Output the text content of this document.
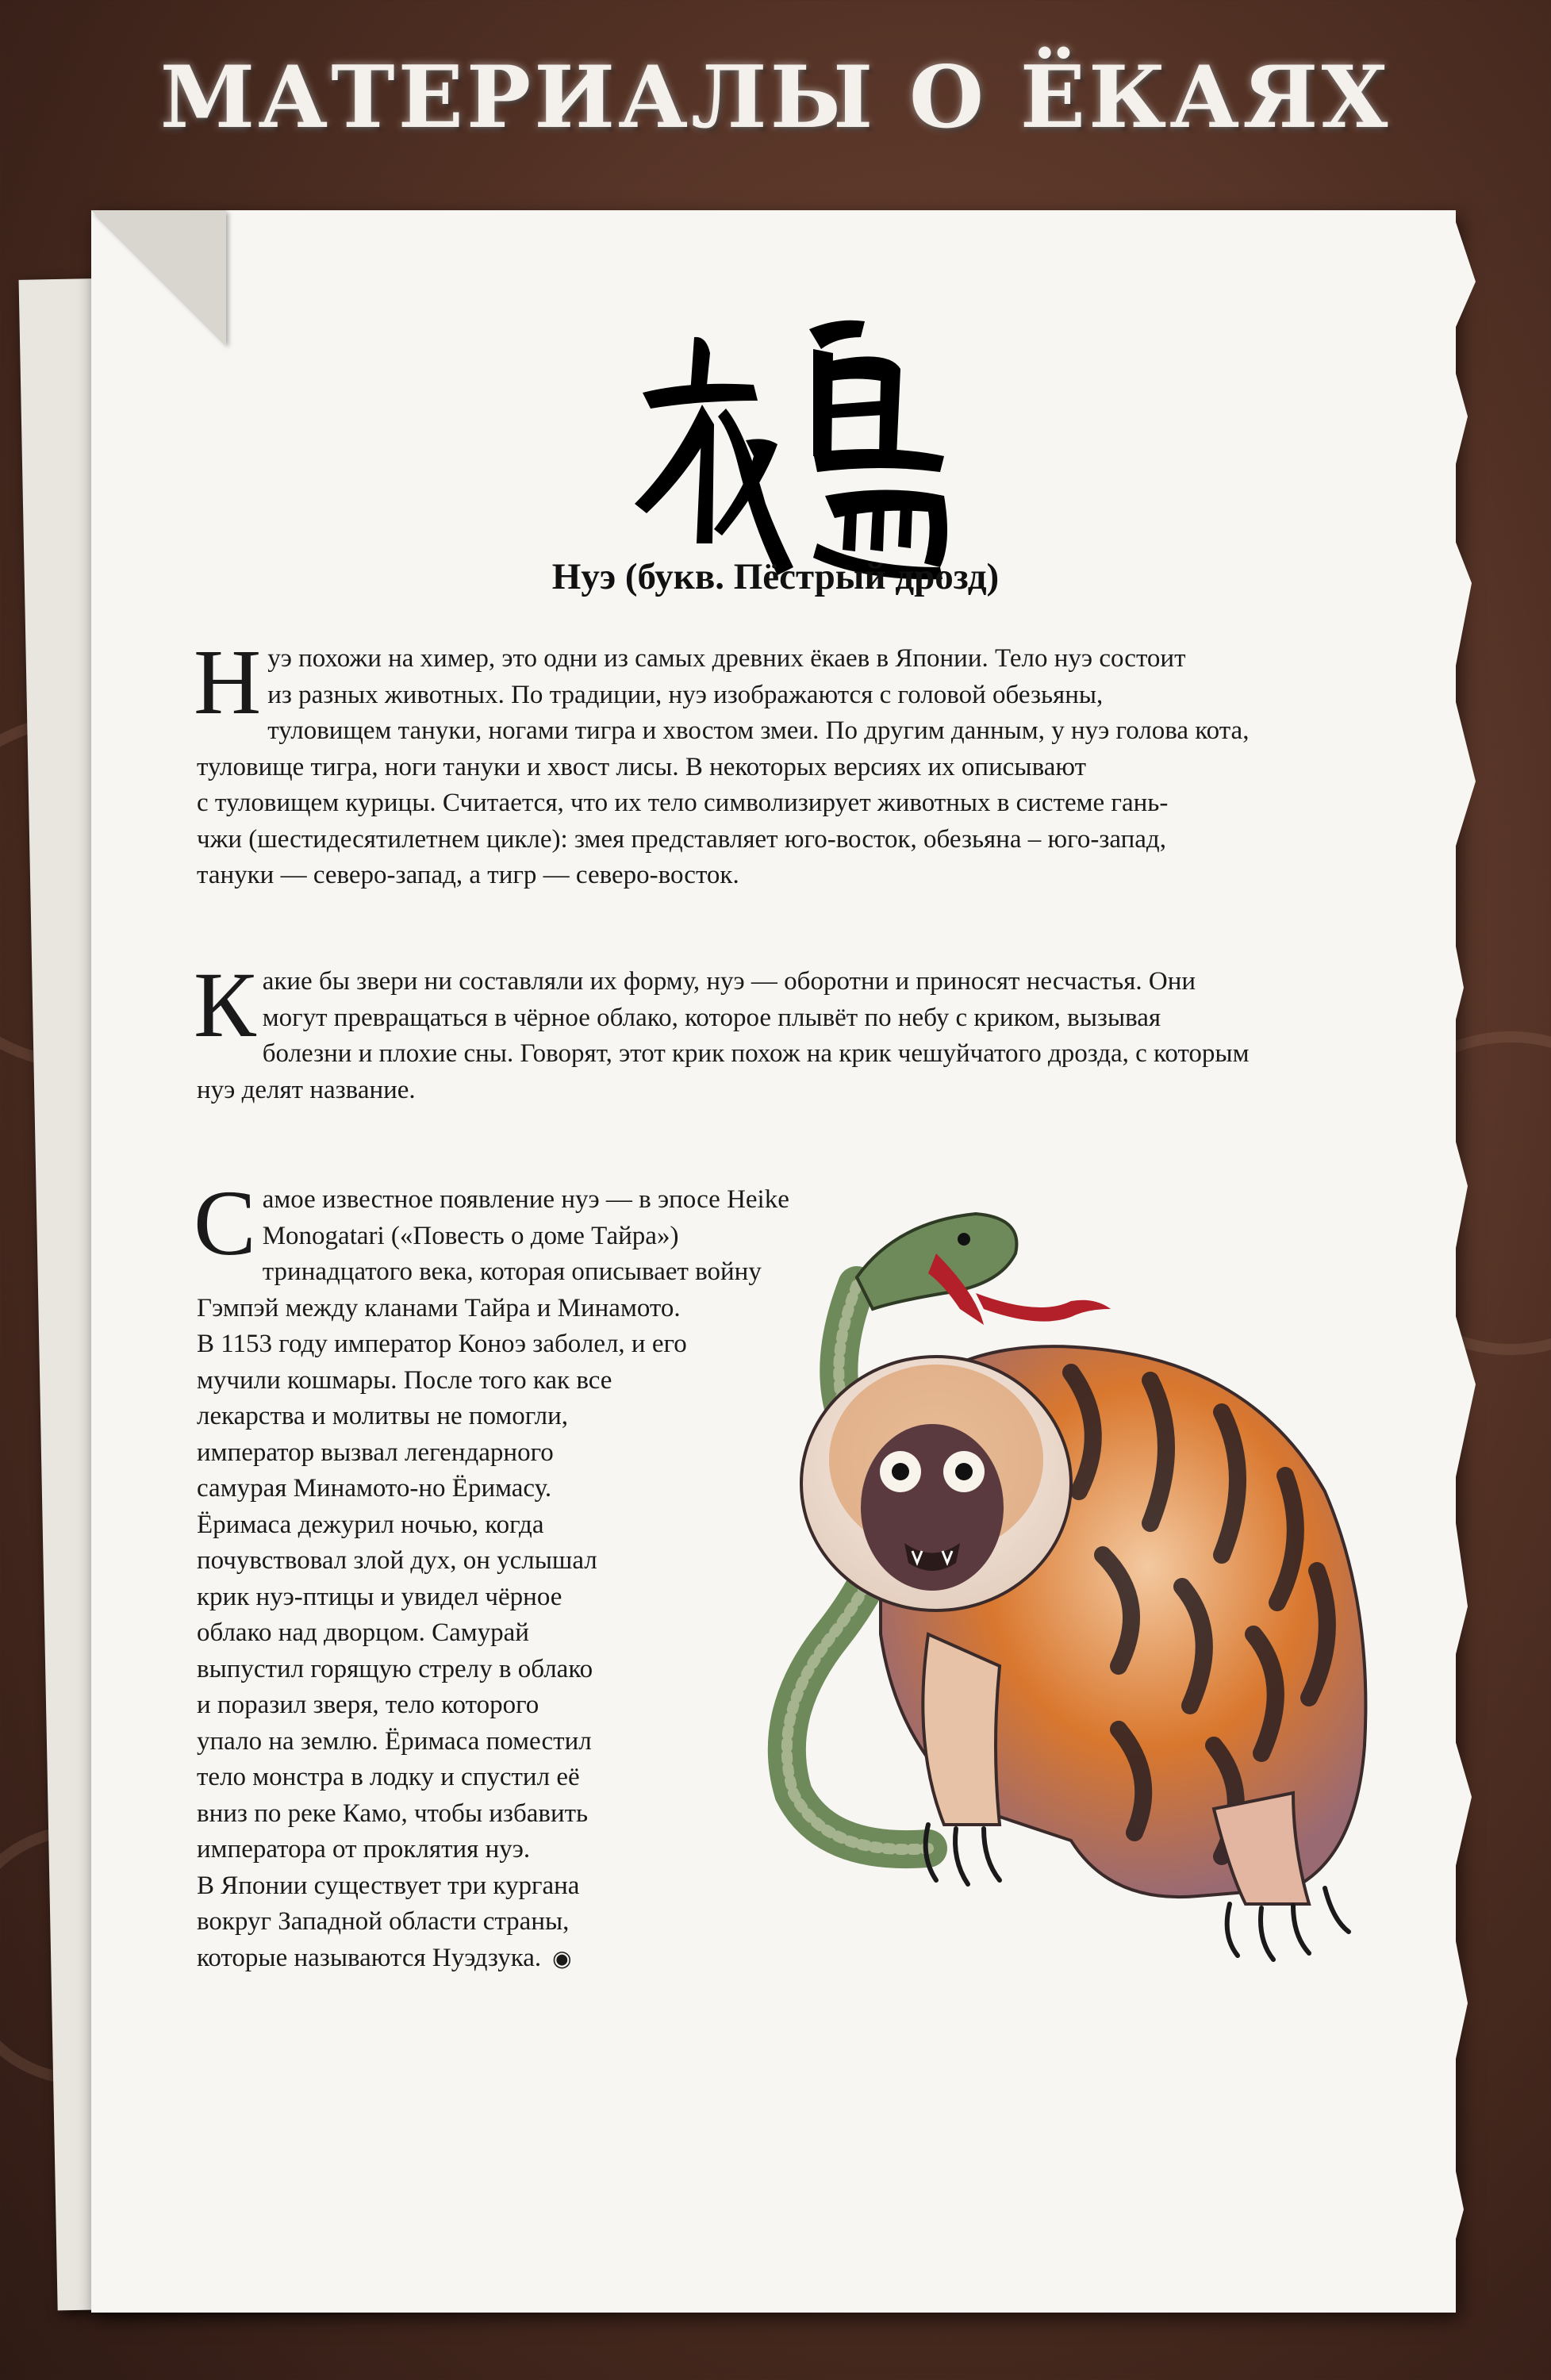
МАТЕРИАЛЫ О ЁКАЯХ
Нуэ (букв. Пёстрый дрозд)
Н уэ похожи на химер, это одни из самых древних ёкаев в Японии. Тело нуэ состоит
из разных животных. По традиции, нуэ изображаются с головой обезьяны,
туловищем тануки, ногами тигра и хвостом змеи. По другим данным, у нуэ голова кота,
туловище тигра, ноги тануки и хвост лисы. В некоторых версиях их описывают
с туловищем курицы. Считается, что их тело символизирует животных в системе гань-
чжи (шестидесятилетнем цикле): змея представляет юго-восток, обезьяна – юго-запад,
тануки — северо-запад, а тигр — северо-восток.
К акие бы звери ни составляли их форму, нуэ — оборотни и приносят несчастья. Они
могут превращаться в чёрное облако, которое плывёт по небу с криком, вызывая
болезни и плохие сны. Говорят, этот крик похож на крик чешуйчатого дрозда, с которым
нуэ делят название.
С амое известное появление нуэ — в эпосе Heike
Monogatari («Повесть о доме Тайра»)
тринадцатого века, которая описывает войну
Гэмпэй между кланами Тайра и Минамото.
В 1153 году император Коноэ заболел, и его
мучили кошмары. После того как все
лекарства и молитвы не помогли,
император вызвал легендарного
самурая Минамото-но Ёримасу.
Ёримаса дежурил ночью, когда
почувствовал злой дух, он услышал
крик нуэ-птицы и увидел чёрное
облако над дворцом. Самурай
выпустил горящую стрелу в облако
и поразил зверя, тело которого
упало на землю. Ёримаса поместил
тело монстра в лодку и спустил её
вниз по реке Камо, чтобы избавить
императора от проклятия нуэ.
В Японии существует три кургана
вокруг Западной области страны,
которые называются Нуэдзука. ◉
